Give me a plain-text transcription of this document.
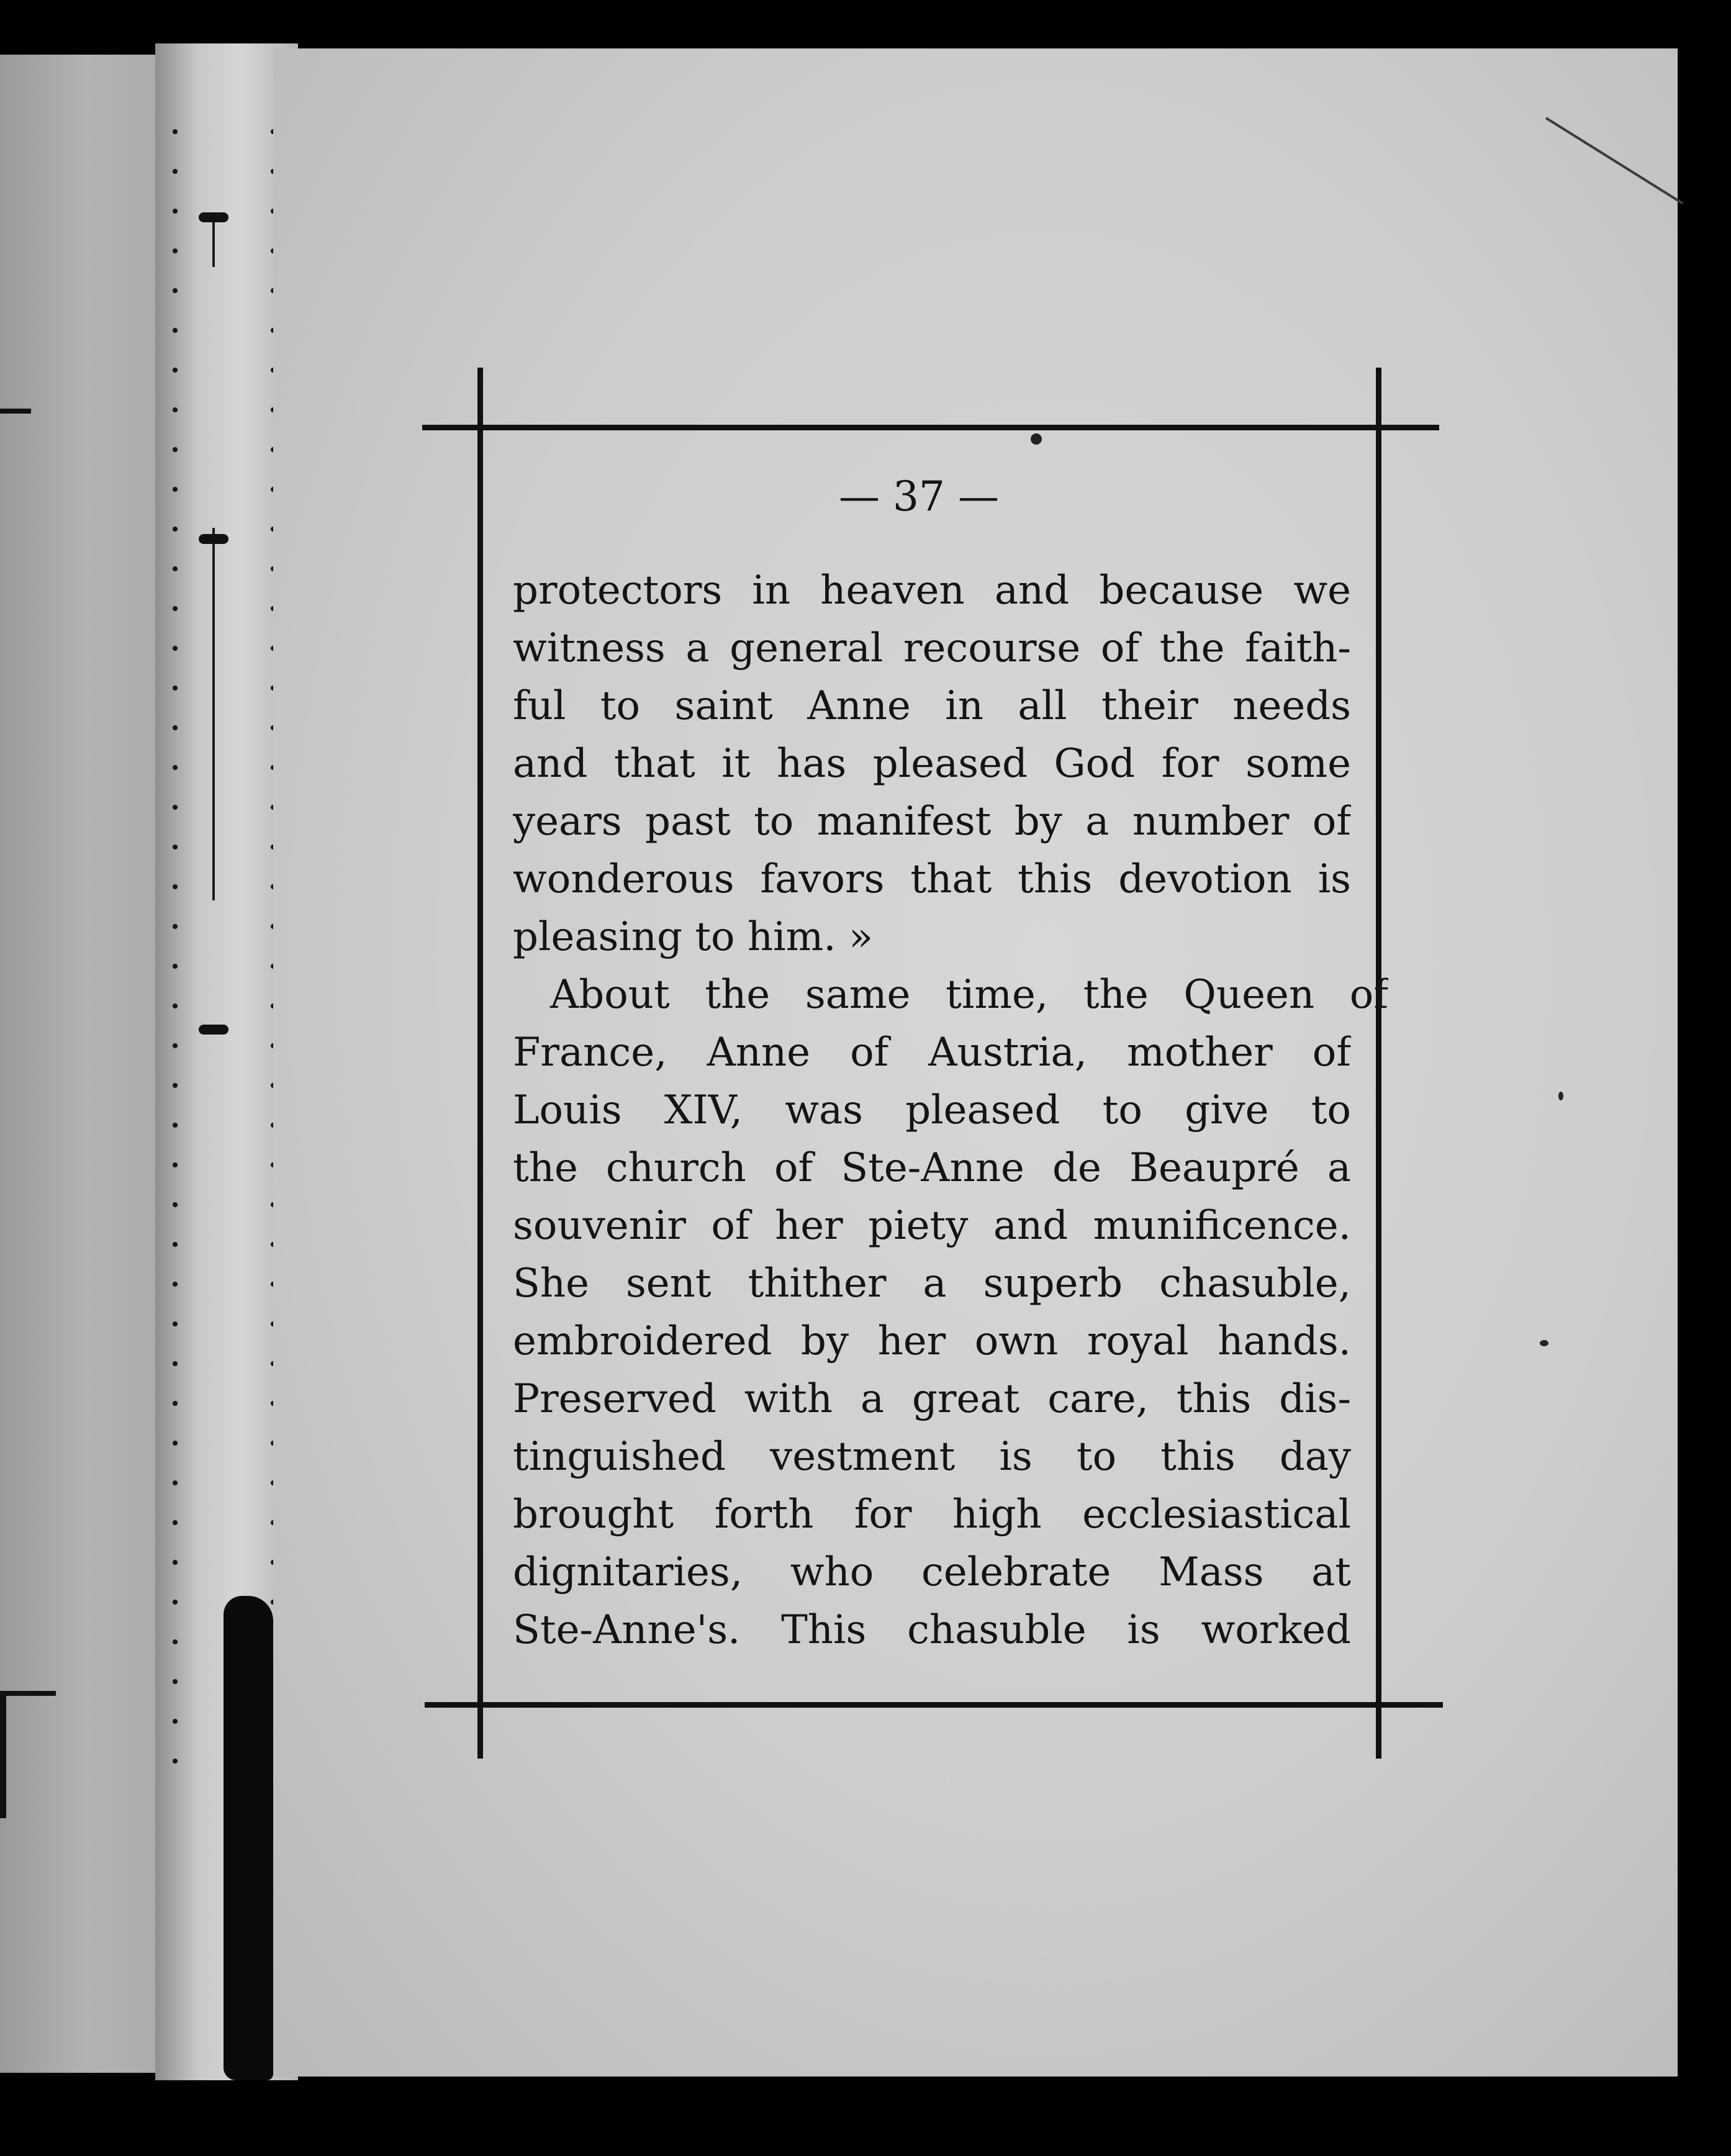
— 37 —
protectors in heaven and because we
witness a general recourse of the faith-
ful to saint Anne in all their needs
and that it has pleased God for some
years past to manifest by a number of
wonderous favors that this devotion is
pleasing to him. »
About the same time, the Queen of
France, Anne of Austria, mother of
Louis XIV, was pleased to give to
the church of Ste-Anne de Beaupré a
souvenir of her piety and munificence.
She sent thither a superb chasuble,
embroidered by her own royal hands.
Preserved with a great care, this dis-
tinguished vestment is to this day
brought forth for high ecclesiastical
dignitaries, who celebrate Mass at
Ste-Anne's. This chasuble is worked
